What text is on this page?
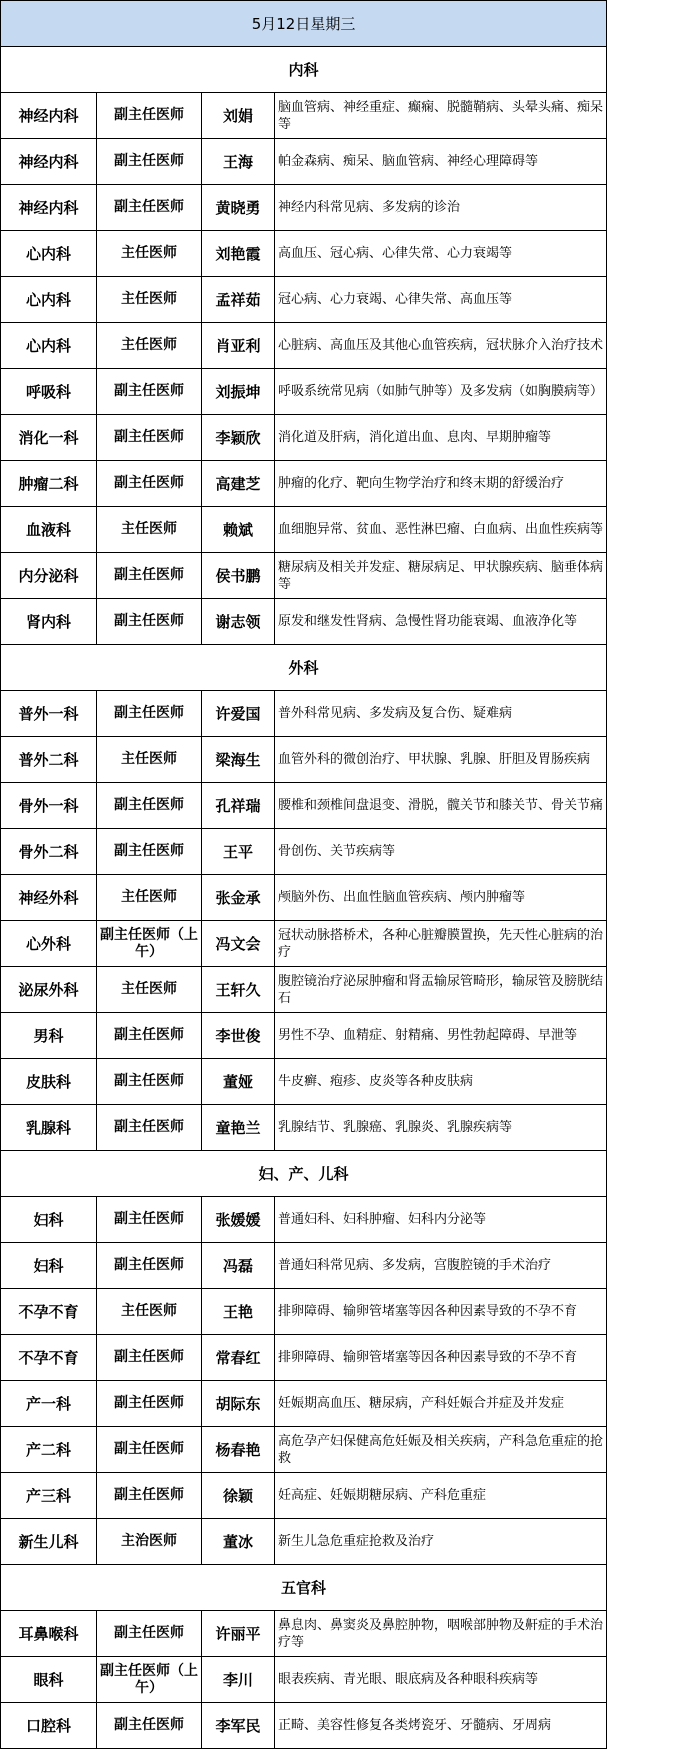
5月12日星期三			
内科			
神经内科	副主任医师	刘娟	脑血管病、神经重症、癫痫、脱髓鞘病、头晕头痛、痴呆等
神经内科	副主任医师	王海	帕金森病、痴呆、脑血管病、神经心理障碍等
神经内科	副主任医师	黄晓勇	神经内科常见病、多发病的诊治
心内科	主任医师	刘艳霞	高血压、冠心病、心律失常、心力衰竭等
心内科	主任医师	孟祥茹	冠心病、心力衰竭、心律失常、高血压等
心内科	主任医师	肖亚利	心脏病、高血压及其他心血管疾病，冠状脉介入治疗技术
呼吸科	副主任医师	刘振坤	呼吸系统常见病（如肺气肿等）及多发病（如胸膜病等）
消化一科	副主任医师	李颖欣	消化道及肝病，消化道出血、息肉、早期肿瘤等
肿瘤二科	副主任医师	高建芝	肿瘤的化疗、靶向生物学治疗和终末期的舒缓治疗
血液科	主任医师	赖斌	血细胞异常、贫血、恶性淋巴瘤、白血病、出血性疾病等
内分泌科	副主任医师	侯书鹏	糖尿病及相关并发症、糖尿病足、甲状腺疾病、脑垂体病等
肾内科	副主任医师	谢志领	原发和继发性肾病、急慢性肾功能衰竭、血液净化等
外科			
普外一科	副主任医师	许爱国	普外科常见病、多发病及复合伤、疑难病
普外二科	主任医师	梁海生	血管外科的微创治疗、甲状腺、乳腺、肝胆及胃肠疾病
骨外一科	副主任医师	孔祥瑞	腰椎和颈椎间盘退变、滑脱，髋关节和膝关节、骨关节痛
骨外二科	副主任医师	王平	骨创伤、关节疾病等
神经外科	主任医师	张金承	颅脑外伤、出血性脑血管疾病、颅内肿瘤等
心外科	副主任医师（上午）	冯文会	冠状动脉搭桥术，各种心脏瓣膜置换，先天性心脏病的治疗
泌尿外科	主任医师	王轩久	腹腔镜治疗泌尿肿瘤和肾盂输尿管畸形，输尿管及膀胱结石
男科	副主任医师	李世俊	男性不孕、血精症、射精痛、男性勃起障碍、早泄等
皮肤科	副主任医师	董娅	牛皮癣、疱疹、皮炎等各种皮肤病
乳腺科	副主任医师	童艳兰	乳腺结节、乳腺癌、乳腺炎、乳腺疾病等
妇、产、儿科			
妇科	副主任医师	张媛媛	普通妇科、妇科肿瘤、妇科内分泌等
妇科	副主任医师	冯磊	普通妇科常见病、多发病，宫腹腔镜的手术治疗
不孕不育	主任医师	王艳	排卵障碍、输卵管堵塞等因各种因素导致的不孕不育
不孕不育	副主任医师	常春红	排卵障碍、输卵管堵塞等因各种因素导致的不孕不育
产一科	副主任医师	胡际东	妊娠期高血压、糖尿病，产科妊娠合并症及并发症
产二科	副主任医师	杨春艳	高危孕产妇保健高危妊娠及相关疾病，产科急危重症的抢救
产三科	副主任医师	徐颖	妊高症、妊娠期糖尿病、产科危重症
新生儿科	主治医师	董冰	新生儿急危重症抢救及治疗
五官科			
耳鼻喉科	副主任医师	许丽平	鼻息肉、鼻窦炎及鼻腔肿物，咽喉部肿物及鼾症的手术治疗等
眼科	副主任医师（上午）	李川	眼表疾病、青光眼、眼底病及各种眼科疾病等
口腔科	副主任医师	李军民	正畸、美容性修复各类烤瓷牙、牙髓病、牙周病
